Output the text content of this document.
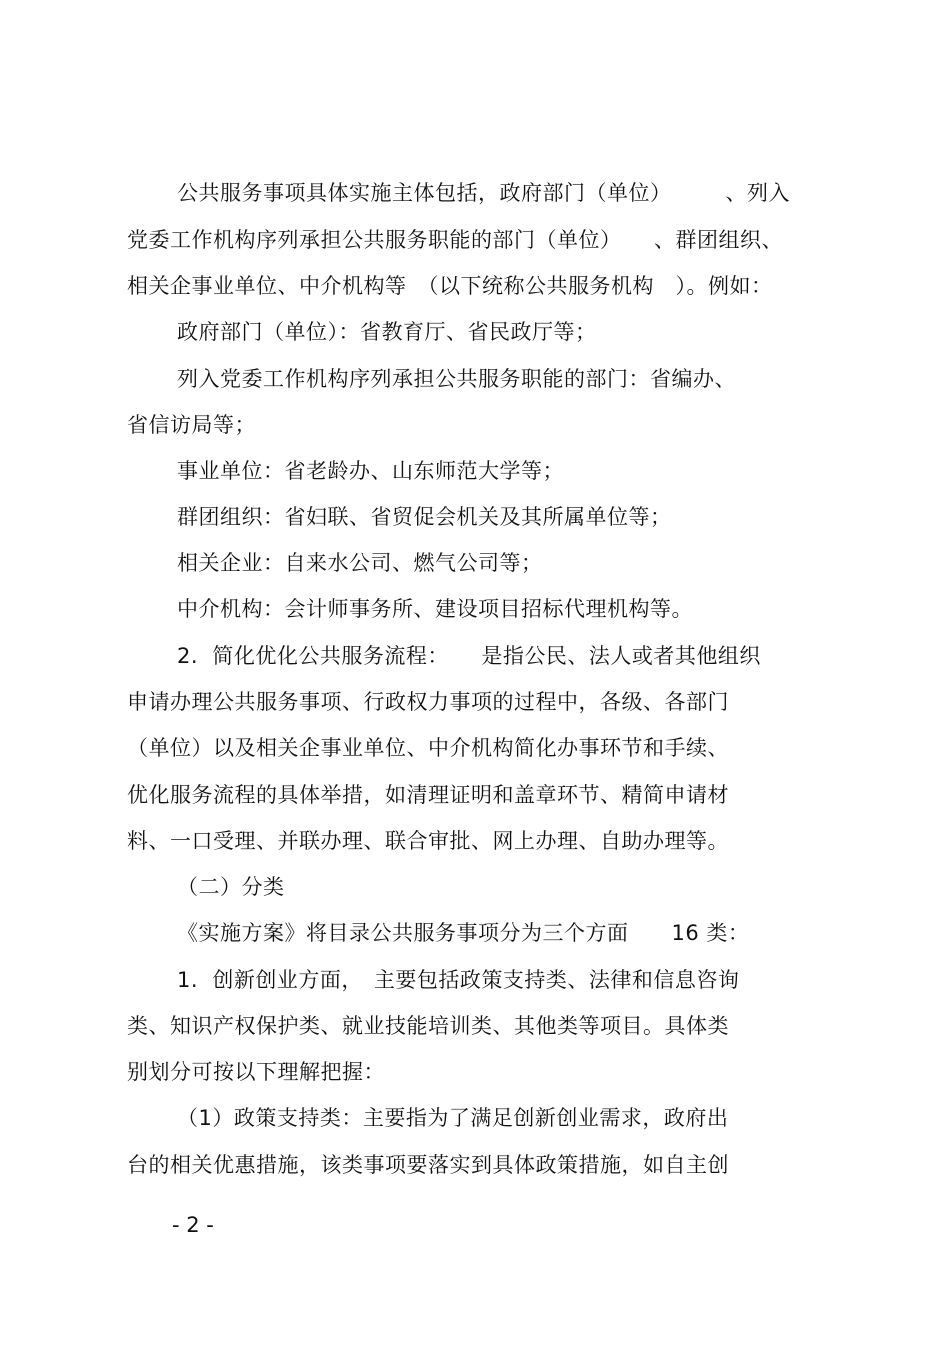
公共服务事项具体实施主体包括，政府部门（单位）　　　、列入
党委工作机构序列承担公共服务职能的部门（单位）　　、群团组织、
相关企事业单位、中介机构等　（以下统称公共服务机构　）。例如：
政府部门（单位）：省教育厅、省民政厅等；
列入党委工作机构序列承担公共服务职能的部门：省编办、
省信访局等；
事业单位：省老龄办、山东师范大学等；
群团组织：省妇联、省贸促会机关及其所属单位等；
相关企业：自来水公司、燃气公司等；
中介机构：会计师事务所、建设项目招标代理机构等。
2.  简化优化公共服务流程：　　是指公民、法人或者其他组织
申请办理公共服务事项、行政权力事项的过程中，各级、各部门
（单位）以及相关企事业单位、中介机构简化办事环节和手续、
优化服务流程的具体举措，如清理证明和盖章环节、精简申请材
料、一口受理、并联办理、联合审批、网上办理、自助办理等。
（二）分类
《实施方案》将目录公共服务事项分为三个方面　　16 类：
1.  创新创业方面，　主要包括政策支持类、法律和信息咨询
类、知识产权保护类、就业技能培训类、其他类等项目。具体类
别划分可按以下理解把握：
（1）政策支持类：主要指为了满足创新创业需求，政府出
台的相关优惠措施，该类事项要落实到具体政策措施，如自主创
- 2 -
